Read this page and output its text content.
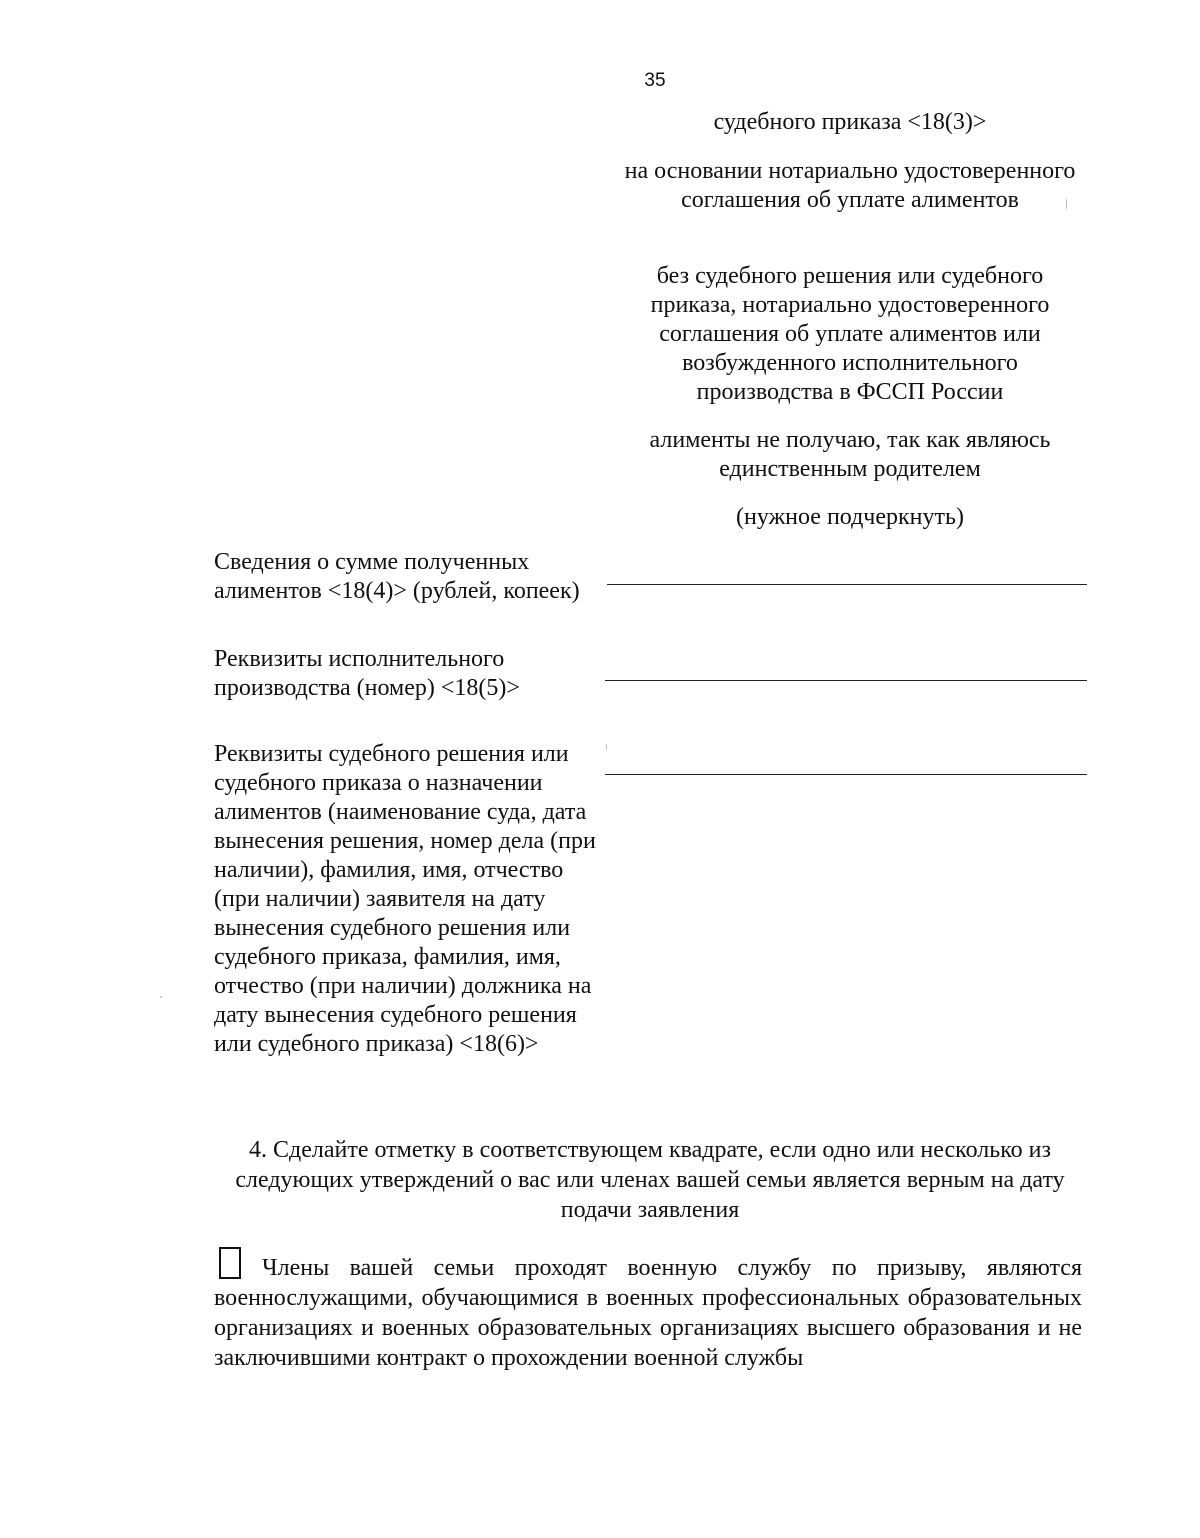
35
судебного приказа <18(3)>
на основании нотариально удостоверенного соглашения об уплате алиментов
без судебного решения или судебного приказа, нотариально удостоверенного соглашения об уплате алиментов или возбужденного исполнительного производства в ФССП России
алименты не получаю, так как являюсь единственным родителем
(нужное подчеркнуть)
Сведения о сумме полученных алиментов <18(4)> (рублей, копеек)
Реквизиты исполнительного производства (номер) <18(5)>
Реквизиты судебного решения или судебного приказа о назначении алиментов (наименование суда, дата вынесения решения, номер дела (при наличии), фамилия, имя, отчество (при наличии) заявителя на дату вынесения судебного решения или судебного приказа, фамилия, имя, отчество (при наличии) должника на дату вынесения судебного решения или судебного приказа) <18(6)>
4. Сделайте отметку в соответствующем квадрате, если одно или несколько из следующих утверждений о вас или членах вашей семьи является верным на дату подачи заявления
Члены вашей семьи проходят военную службу по призыву, являются военнослужащими, обучающимися в военных профессиональных образовательных организациях и военных образовательных организациях высшего образования и не заключившими контракт о прохождении военной службы
